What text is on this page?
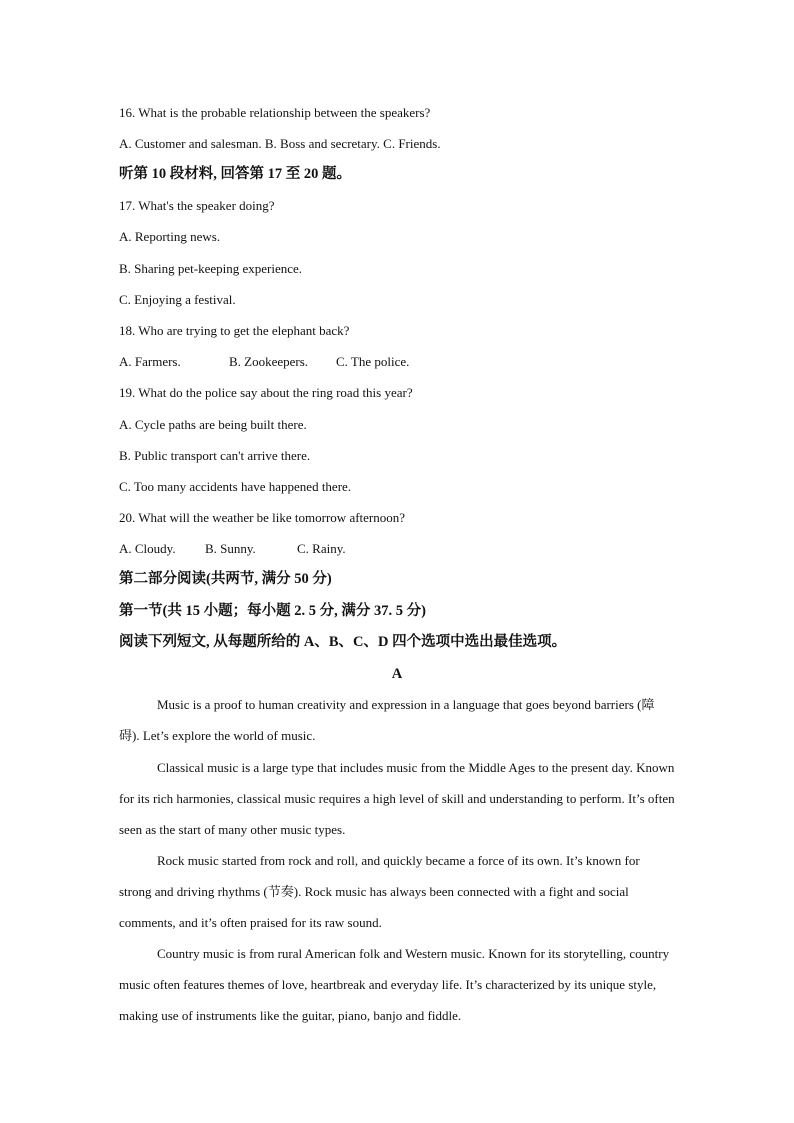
16. What is the probable relationship between the speakers?
A. Customer and salesman. B. Boss and secretary. C. Friends.
听第 10 段材料, 回答第 17 至 20 题。
17. What's the speaker doing?
A. Reporting news.
B. Sharing pet-keeping experience.
C. Enjoying a festival.
18. Who are trying to get the elephant back?
A. Farmers.	B. Zookeepers. C. The police.
19. What do the police say about the ring road this year?
A. Cycle paths are being built there.
B. Public transport can't arrive there.
C. Too many accidents have happened there.
20. What will the weather be like tomorrow afternoon?
A. Cloudy. B. Sunny.	C. Rainy.
第二部分阅读(共两节, 满分 50 分)
第一节(共 15 小题；每小题 2. 5 分, 满分 37. 5 分)
阅读下列短文, 从每题所给的 A、B、C、D 四个选项中选出最佳选项。
A

Music is a proof to human creativity and expression in a language that goes beyond barriers (障碍). Let’s explore the world of music.

Classical music is a large type that includes music from the Middle Ages to the present day. Known for its rich harmonies, classical music requires a high level of skill and understanding to perform. It’s often seen as the start of many other music types.

Rock music started from rock and roll, and quickly became a force of its own. It’s known for strong and driving rhythms (节奏). Rock music has always been connected with a fight and social comments, and it’s often praised for its raw sound.

Country music is from rural American folk and Western music. Known for its storytelling, country music often features themes of love, heartbreak and everyday life. It’s characterized by its unique style, making use of instruments like the guitar, piano, banjo and fiddle.
